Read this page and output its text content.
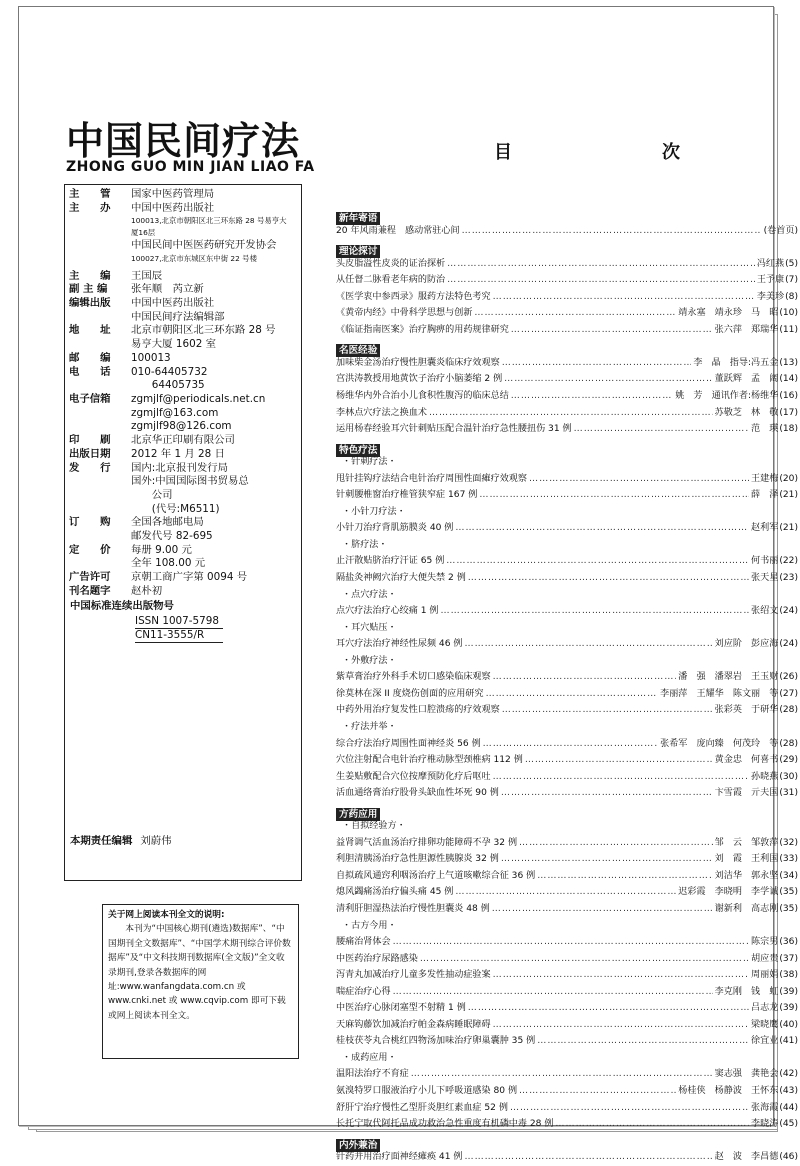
中国民间疗法
ZHONG GUO MIN JIAN LIAO FA
主　　管	国家中医药管理局

主　　办	中国中医药出版社

	100013,北京市朝阳区北三环东路 28 号易亨大厦16层

	中国民间中医医药研究开发协会

	100027,北京市东城区东中街 22 号楼

主　　编	王国辰

副 主 编	张年顺　芮立新

编辑出版	中国中医药出版社
中国民间疗法编辑部

地　　址	北京市朝阳区北三环东路 28 号
易亨大厦 1602 室

邮　　编	100013

电　　话	010-64405732
　　64405735

电子信箱	zgmjlf@periodicals.net.cn
zgmjlf@163.com
zgmjlf98@126.com

印　　刷	北京华正印刷有限公司

出版日期	2012 年 1 月 28 日

发　　行	国内:北京报刊发行局
国外:中国国际图书贸易总
　　公司
　　(代号:M6511)

订　　购	全国各地邮电局
邮发代号 82-695

定　　价	每册 9.00 元
全年 108.00 元

广告许可	京朝工商广字第 0094 号

刊名题字	赵朴初
中国标准连续出版物号
ISSN 1007-5798
CN11-3555/R
本期责任编辑 刘蔚伟
关于网上阅读本刊全文的说明:
　　本刊为“中国核心期刊(遴选)数据库”、“中国期刊全文数据库”、“中国学术期刊综合评价数据库”及“中文科技期刊数据库(全文版)”全文收录期刊,登录各数据库的网址:www.wanfangdata.com.cn 或 www.cnki.net 或 www.cqvip.com 即可下载或网上阅读本刊全文。
目　次
新年寄语
20 年风雨兼程　感动常驻心间 ……………………………………………………………………………………………………………………………	(卷首页)
理论探讨
头皮脂溢性皮炎的证治探析 ……………………………………………………………………………………………………………………………	冯红燕 (5)
从任督二脉看老年病的防治 ……………………………………………………………………………………………………………………………	王予康 (7)
《医学衷中参西录》服药方法特色考究 ……………………………………………………………………………………………………………………………	李美珍 (8)
《黄帝内经》中骨科学思想与创新 ……………………………………………………………………………………………………………………………	靖永塞　靖永珍　马　昭 (10)
《临证指南医案》治疗胸痹的用药规律研究 ……………………………………………………………………………………………………………………………	张六萍　郑瑞华 (11)
名医经验
加味柴金汤治疗慢性胆囊炎临床疗效观察 ……………………………………………………………………………………………………………………………	李　晶　指导:冯五金 (13)
宫洪涛教授用地黄饮子治疗小脑萎缩 2 例 ……………………………………………………………………………………………………………………………	董跃辉　孟　阔 (14)
杨维华内外合治小儿食积性腹泻的临床总结 ……………………………………………………………………………………………………………………………	姚　芳　通讯作者:杨维华 (16)
李林点穴疗法之换血术 ……………………………………………………………………………………………………………………………	苏敬芝　林　敬 (17)
运用杨春经验耳穴针刺贴压配合温针治疗急性腰扭伤 31 例 ……………………………………………………………………………………………………………………………	范　瑛 (18)
特色疗法
・针刺疗法・
甩针挂钩疗法结合电针治疗周围性面瘫疗效观察 ……………………………………………………………………………………………………………………………	王建梅 (20)
针刺腰椎窗治疗椎管狭窄症 167 例 ……………………………………………………………………………………………………………………………	薛　泽 (21)
・小针刀疗法・
小针刀治疗背肌筋膜炎 40 例 ……………………………………………………………………………………………………………………………	赵利军 (21)
・脐疗法・
止汗散贴脐治疗汗证 65 例 ……………………………………………………………………………………………………………………………	何书丽 (22)
隔盐灸神阙穴治疗大便失禁 2 例 ……………………………………………………………………………………………………………………………	张天星 (23)
・点穴疗法・
点穴疗法治疗心绞痛 1 例 ……………………………………………………………………………………………………………………………	张绍文 (24)
・耳穴贴压・
耳穴疗法治疗神经性尿频 46 例 ……………………………………………………………………………………………………………………………	刘应阶　彭应海 (24)
・外敷疗法・
紫草膏治疗外科手术切口感染临床观察 ……………………………………………………………………………………………………………………………	潘　强　潘翠岩　王玉财 (26)
徐莫林在深 II 度烧伤创面的应用研究 ……………………………………………………………………………………………………………………………	李丽萍　王耀华　陈文丽　等 (27)
中药外用治疗复发性口腔溃疡的疗效观察 ……………………………………………………………………………………………………………………………	张彩英　于研华 (28)
・疗法并举・
综合疗法治疗周围性面神经炎 56 例 ……………………………………………………………………………………………………………………………	张希军　庞向臻　何茂玲　等 (28)
穴位注射配合电针治疗椎动脉型颈椎病 112 例 ……………………………………………………………………………………………………………………………	黄金忠　何喜书 (29)
生姜贴敷配合穴位按摩预防化疗后呕吐 ……………………………………………………………………………………………………………………………	孙晓燕 (30)
活血通络膏治疗股骨头缺血性坏死 90 例 ……………………………………………………………………………………………………………………………	卞雪霞　亓夫国 (31)
方药应用
・自拟经验方・
益肾调气活血汤治疗排卵功能障碍不孕 32 例 ……………………………………………………………………………………………………………………………	邹　云　邹敦萍 (32)
利胆清胰汤治疗急性胆源性胰腺炎 32 例 ……………………………………………………………………………………………………………………………	刘　霞　王利国 (33)
自拟疏风通窍利咽汤治疗上气道咳嗽综合征 36 例 ……………………………………………………………………………………………………………………………	刘洁华　郭永坚 (34)
熄风蠲痛汤治疗偏头痛 45 例 ……………………………………………………………………………………………………………………………	迟彩霞　李晓明　李学诚 (35)
清利肝胆湿热法治疗慢性胆囊炎 48 例 ……………………………………………………………………………………………………………………………	谢新利　高志刚 (35)
・古方今用・
腰痛治肾体会 ……………………………………………………………………………………………………………………………	陈宗男 (36)
中医药治疗尿路感染 ……………………………………………………………………………………………………………………………	胡应贵 (37)
泻青丸加减治疗儿童多发性抽动症验案 ……………………………………………………………………………………………………………………………	周丽娟 (38)
喘症治疗心得 ……………………………………………………………………………………………………………………………	李克刚　钱　虹 (39)
中医治疗心脉闭塞型不射精 1 例 ……………………………………………………………………………………………………………………………	吕志龙 (39)
天麻钩藤饮加减治疗帕金森病睡眠障碍 ……………………………………………………………………………………………………………………………	梁晓鹰 (40)
桂枝茯苓丸合桃红四物汤加味治疗卵巢囊肿 35 例 ……………………………………………………………………………………………………………………………	徐宜业 (41)
・成药应用・
温阳法治疗不育症 ……………………………………………………………………………………………………………………………	窦志强　龚艳会 (42)
氨溴特罗口服液治疗小儿下呼吸道感染 80 例 ……………………………………………………………………………………………………………………………	杨桂侠　杨静波　王怀东 (43)
舒肝宁治疗慢性乙型肝炎胆红素血症 52 例 ……………………………………………………………………………………………………………………………	张海霞 (44)
长托宁取代阿托品成功救治急性重度有机磷中毒 28 例 ……………………………………………………………………………………………………………………………	李晓涛 (45)
内外兼治
针药并用治疗面神经瘫痪 41 例 ……………………………………………………………………………………………………………………………	赵　波　李昌德 (46)
